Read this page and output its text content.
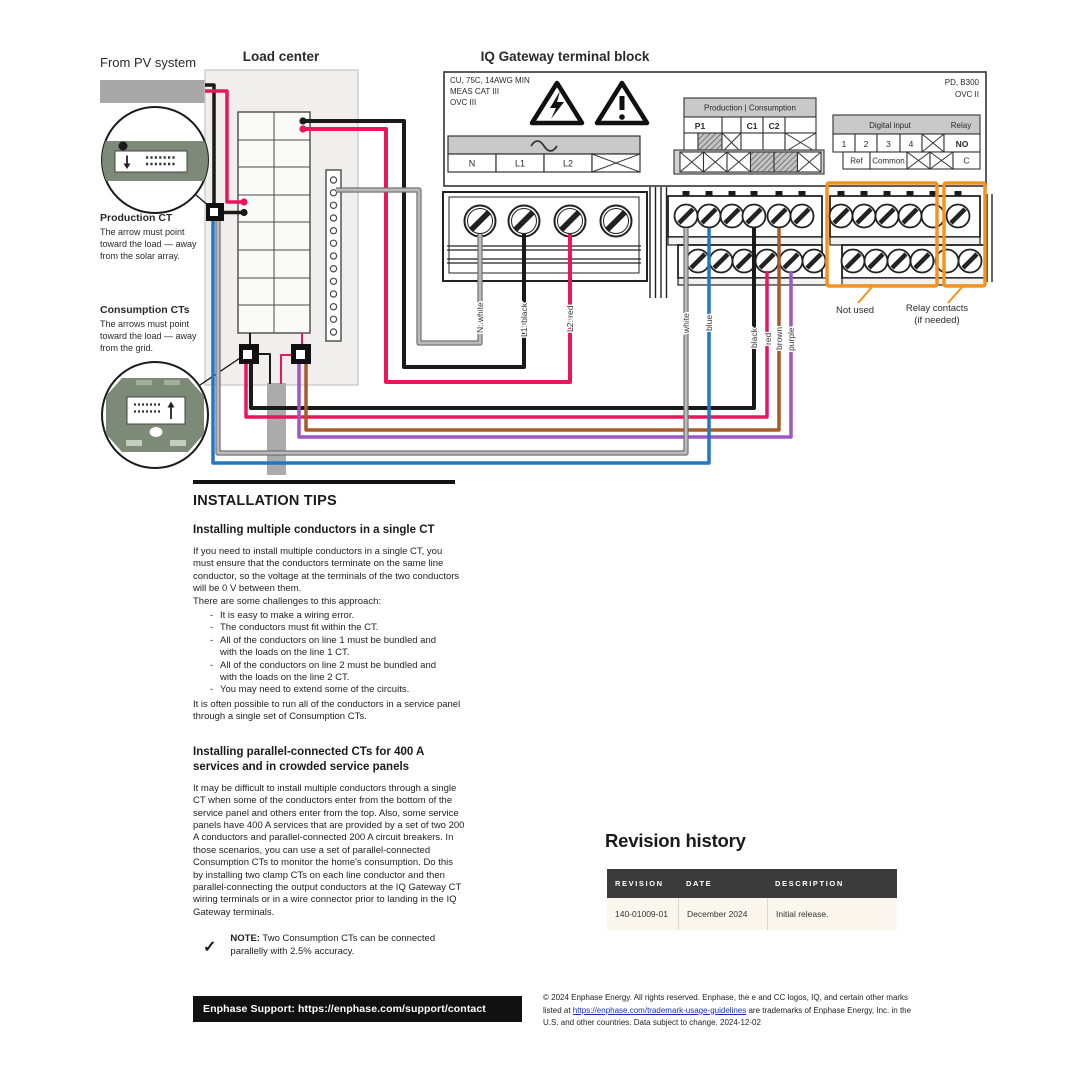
From PV system	Load center	IQ Gateway terminal block
Production CT
The arrow must point
toward the load — away
from the solar array.
Consumption CTs
The arrows must point
toward the load — away
from the grid.
CU, 75C, 14AWG MIN
MEAS CAT III
OVC III
PD, B300
OVC II
N	L1	L2
Production | Consumption
P1	C1 C2	Digital input	Relay
1 2 3 4	NO
Ref Common	C
Not used	Relay contacts
(if needed)
N: white	L1: black	L2: red	white blue
black red brown purple
INSTALLATION TIPS
Installing multiple conductors in a single CT

If you need to install multiple conductors in a single CT, you must ensure that the conductors terminate on the same line conductor, so the voltage at the terminals of the two conductors will be 0 V between them.

There are some challenges to this approach:

- It is easy to make a wiring error.
- The conductors must fit within the CT.
- All of the conductors on line 1 must be bundled and with the loads on the line 1 CT.
- All of the conductors on line 2 must be bundled and with the loads on the line 2 CT.
- You may need to extend some of the circuits.

It is often possible to run all of the conductors in a service panel through a single set of Consumption CTs.

Installing parallel-connected CTs for 400 A
services and in crowded service panels

It may be difficult to install multiple conductors through a single CT when some of the conductors enter from the bottom of the service panel and others enter from the top. Also, some service panels have 400 A services that are provided by a set of two 200 A conductors and parallel-connected 200 A circuit breakers. In those scenarios, you can use a set of parallel-connected Consumption CTs to monitor the home's consumption. Do this by installing two clamp CTs on each line conductor and then parallel-connecting the output conductors at the IQ Gateway CT wiring terminals or in a wire connector prior to landing in the IQ Gateway terminals.

✓
NOTE: Two Consumption CTs can be connected parallelly with 2.5% accuracy.
Revision history
REVISION	DATE	DESCRIPTION
140-01009-01	December 2024	Initial release.
Enphase Support: https://enphase.com/support/contact
© 2024 Enphase Energy. All rights reserved. Enphase, the e and CC logos, IQ, and certain other marks listed at https://enphase.com/trademark-usage-guidelines are trademarks of Enphase Energy, Inc. in the U.S. and other countries. Data subject to change. 2024-12-02
